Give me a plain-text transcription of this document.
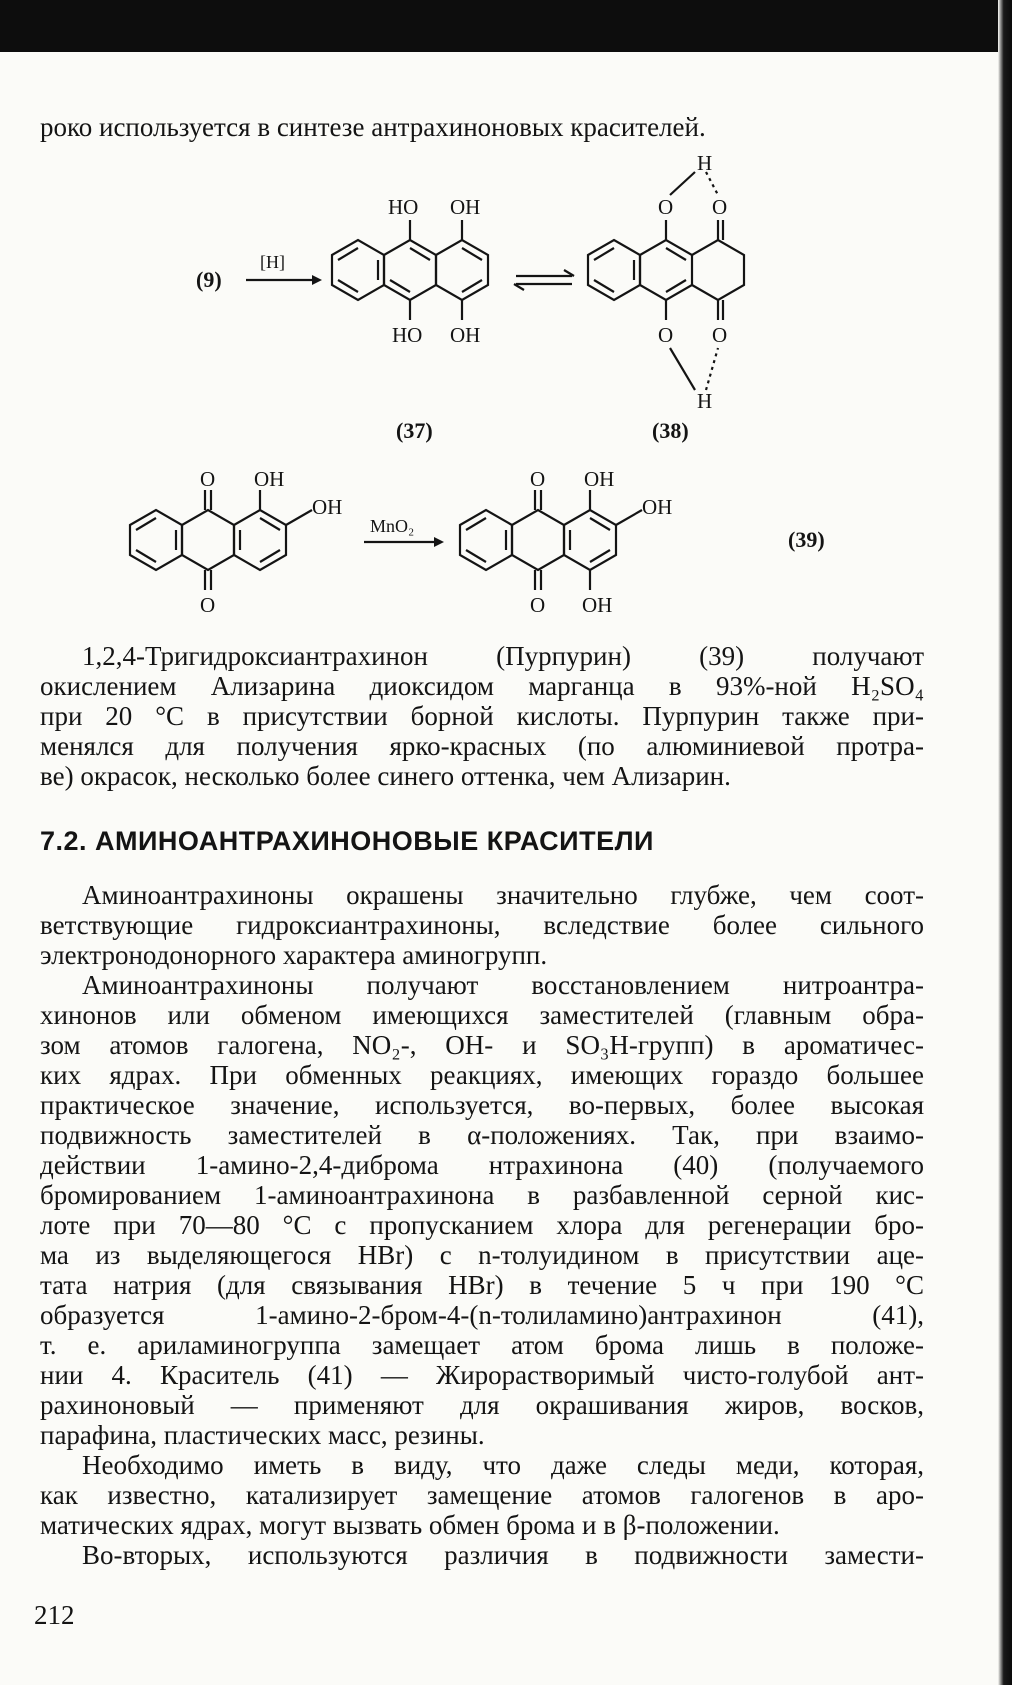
роко используется в синтезе антрахиноновых красителей.
(9)
[H]
HO OH
HO OH
O O
O O
H
H
(37)	(38)
O OH
OH
O
MnO₂
O OH
OH
O OH
(39)
1,2,4-Тригидроксиантрахинон (Пурпурин) (39) получают
окислением Ализарина диоксидом марганца в 93%-ной H₂SO₄
при 20 °C в присутствии борной кислоты. Пурпурин также при-
менялся для получения ярко-красных (по алюминиевой протра-
ве) окрасок, несколько более синего оттенка, чем Ализарин.
7.2. АМИНОАНТРАХИНОНОВЫЕ КРАСИТЕЛИ
Аминоантрахиноны окрашены значительно глубже, чем соот-
ветствующие гидроксиантрахиноны, вследствие более сильного
электронодонорного характера аминогрупп.
Аминоантрахиноны получают восстановлением нитроантра-
хинонов или обменом имеющихся заместителей (главным обра-
зом атомов галогена, NO₂-, OH- и SO₃H-групп) в ароматичес-
ких ядрах. При обменных реакциях, имеющих гораздо большее
практическое значение, используется, во-первых, более высокая
подвижность заместителей в α-положениях. Так, при взаимо-
действии 1-амино-2,4-диброма нтрахинона (40) (получаемого
бромированием 1-аминоантрахинона в разбавленной серной кис-
лоте при 70—80 °C с пропусканием хлора для регенерации бро-
ма из выделяющегося HBr) с n-толуидином в присутствии аце-
тата натрия (для связывания HBr) в течение 5 ч при 190 °C
образуется 1-амино-2-бром-4-(n-толиламино)антрахинон (41),
т. е. ариламиногруппа замещает атом брома лишь в положе-
нии 4. Краситель (41) — Жирорастворимый чисто-голубой ант-
рахиноновый — применяют для окрашивания жиров, восков,
парафина, пластических масс, резины.
Необходимо иметь в виду, что даже следы меди, которая,
как известно, катализирует замещение атомов галогенов в аро-
матических ядрах, могут вызвать обмен брома и в β-положении.
Во-вторых, используются различия в подвижности замести-
212
